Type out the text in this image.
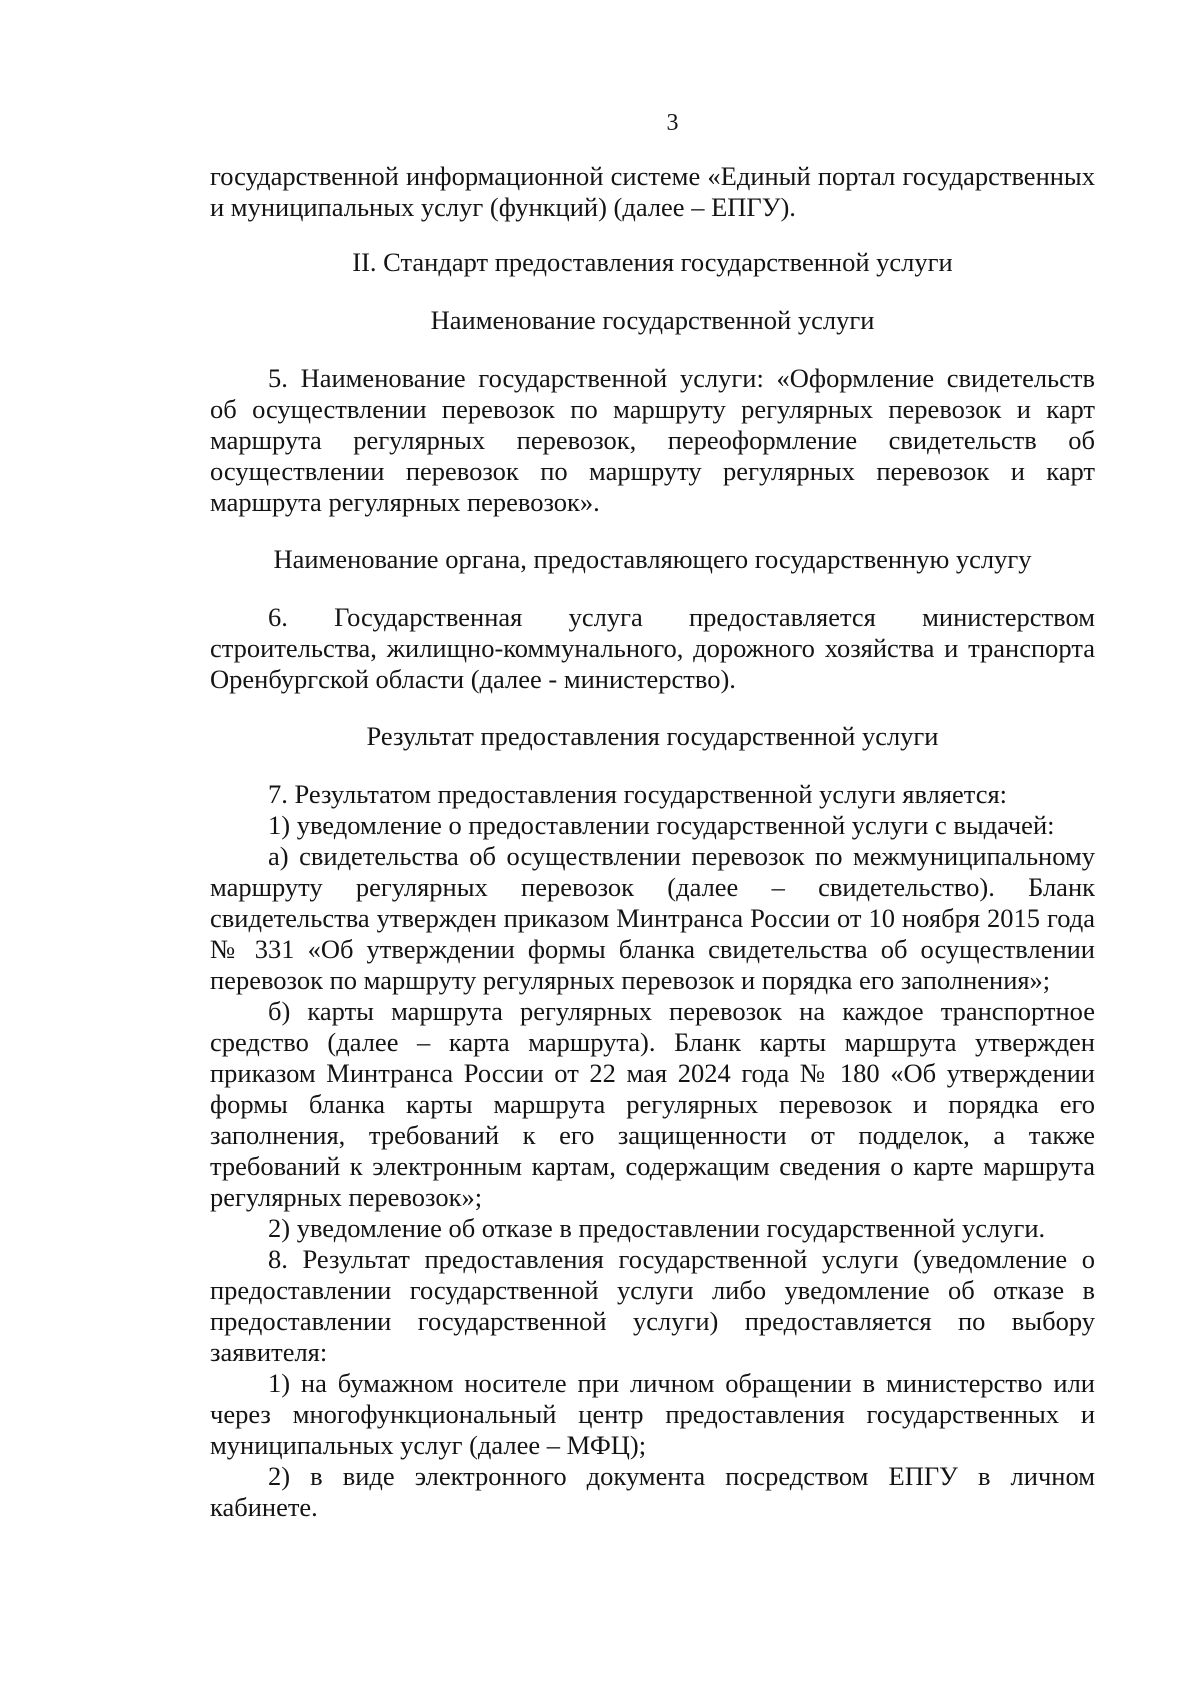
3

государственной информационной системе «Единый портал государственных и муниципальных услуг (функций) (далее – ЕПГУ).

II. Стандарт предоставления государственной услуги
Наименование государственной услуги

5. Наименование государственной услуги: «Оформление свидетельств об осуществлении перевозок по маршруту регулярных перевозок и карт маршрута регулярных перевозок, переоформление свидетельств об осуществлении перевозок по маршруту регулярных перевозок и карт маршрута регулярных перевозок».

Наименование органа, предоставляющего государственную услугу

6. Государственная услуга предоставляется министерством строительства, жилищно-коммунального, дорожного хозяйства и транспорта Оренбургской области (далее - министерство).

Результат предоставления государственной услуги

7. Результатом предоставления государственной услуги является:

1) уведомление о предоставлении государственной услуги с выдачей:

а) свидетельства об осуществлении перевозок по межмуниципальному маршруту регулярных перевозок (далее – свидетельство). Бланк свидетельства утвержден приказом Минтранса России от 10 ноября 2015 года № 331 «Об утверждении формы бланка свидетельства об осуществлении перевозок по маршруту регулярных перевозок и порядка его заполнения»;

б) карты маршрута регулярных перевозок на каждое транспортное средство (далее – карта маршрута). Бланк карты маршрута утвержден приказом Минтранса России от 22 мая 2024 года № 180 «Об утверждении формы бланка карты маршрута регулярных перевозок и порядка его заполнения, требований к его защищенности от подделок, а также требований к электронным картам, содержащим сведения о карте маршрута регулярных перевозок»;

2) уведомление об отказе в предоставлении государственной услуги.

8. Результат предоставления государственной услуги (уведомление о предоставлении государственной услуги либо уведомление об отказе в предоставлении государственной услуги) предоставляется по выбору заявителя:

1) на бумажном носителе при личном обращении в министерство или через многофункциональный центр предоставления государственных и муниципальных услуг (далее – МФЦ);

2) в виде электронного документа посредством ЕПГУ в личном кабинете.
